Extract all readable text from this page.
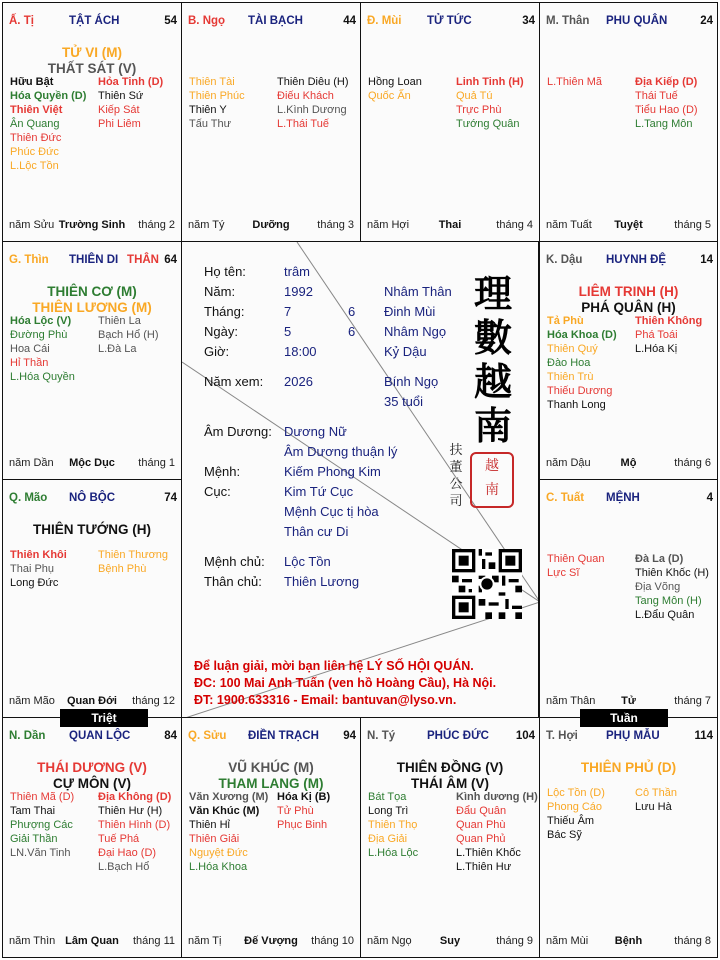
Ấ. Tị	TẬT ÁCH	54
TỬ VI (M)
THẤT SÁT (V)
Hữu Bật
Hóa Quyền (D)
Thiên Việt
Ân Quang
Thiên Đức
Phúc Đức
L.Lộc Tồn
Hỏa Tinh (D)
Thiên Sứ
Kiếp Sát
Phi Liêm
năm Sửu Trường Sinh	tháng 2
B. Ngọ TÀI BẠCH	44
Thiên Tài
Thiên Phúc
Thiên Y
Tấu Thư
Thiên Diêu (H)
Điếu Khách
L.Kình Dương
L.Thái Tuế
năm Tý	Dưỡng	tháng 3
Đ. Mùi TỬ TỨC	34
Hồng Loan
Quốc Ấn
Linh Tinh (H)
Quả Tú
Trực Phù
Tướng Quân
năm Hợi	Thai	tháng 4
M. Thân PHU QUÂN	24
L.Thiên Mã	Địa Kiếp (D)
Thái Tuế
Tiểu Hao (D)
L.Tang Môn
năm Tuất	Tuyệt	tháng 5
G. Thìn THIÊN DI THÂN 64
THIÊN CƠ (M)
THIÊN LƯƠNG (M)
Hóa Lộc (V)
Đường Phù
Hoa Cái
Hỉ Thần
L.Hóa Quyền
Thiên La
Bạch Hổ (H)
L.Đà La
năm Dần	Mộc Dục	tháng 1
K. Dậu HUYNH ĐỆ	14
LIÊM TRINH (H)
PHÁ QUÂN (H)
Tả Phù
Hóa Khoa (D)
Thiên Quý
Đào Hoa
Thiên Trù
Thiếu Dương
Thanh Long
Thiên Không
Phá Toái
L.Hóa Kị
năm Dậu	Mộ	tháng 6
Q. Mão NÔ BỘC	74
THIÊN TƯỚNG (H)
Thiên Khôi
Thai Phụ
Long Đức
Thiên Thương
Bệnh Phù
năm Mão	Quan Đới	tháng 12
C. Tuất MỆNH	4
Thiên Quan
Lực Sĩ
Đà La (D)
Thiên Khốc (H)
Địa Võng
Tang Môn (H)
L.Đẩu Quân
năm Thân	Tử	tháng 7
N. Dần QUAN LỘC	84
THÁI DƯƠNG (V)
CỰ MÔN (V)
Thiên Mã (D)
Tam Thai
Phượng Các
Giải Thần
LN.Văn Tinh
Địa Không (D)
Thiên Hư (H)
Thiên Hình (D)
Tuế Phá
Đại Hao (D)
L.Bạch Hổ
năm Thìn Lâm Quan	tháng 11
Q. Sửu ĐIỀN TRẠCH 94
VŨ KHÚC (M)
THAM LANG (M)
Văn Xương (M)
Văn Khúc (M)
Thiên Hỉ
Thiên Giải
Nguyệt Đức
L.Hóa Khoa
Hóa Kị (B)
Tử Phù
Phục Binh
năm Tị	Đế Vượng	tháng 10
N. Tý	PHÚC ĐỨC 104
THIÊN ĐỒNG (V)
THÁI ÂM (V)
Bát Tọa
Long Trì
Thiên Thọ
Địa Giải
L.Hóa Lộc
Kình dương (H)
Đẩu Quân
Quan Phù
Quan Phủ
L.Thiên Khốc
L.Thiên Hư
năm Ngọ	Suy	tháng 9
T. Hợi PHỤ MẪU	114
THIÊN PHỦ (D)
Lộc Tồn (D)
Phong Cáo
Thiếu Âm
Bác Sỹ
Cô Thần
Lưu Hà
năm Mùi	Bệnh	tháng 8
Họ tên:	trâm
Năm:	1992	Nhâm Thân
Tháng:	7	6 Đinh Mùi
Ngày:	5	6 Nhâm Ngọ
Giờ:	18:00	Kỷ Dậu
Năm xem: 2026	Bính Ngọ
35 tuổi
Âm Dương: Dương Nữ
Âm Dương thuận lý
Mệnh:	Kiếm Phong Kim
Cục:	Kim Tứ Cục
Mệnh Cục tị hòa
Thân cư Di
Mệnh chủ: Lộc Tồn
Thân chủ: Thiên Lương
理
數
越
南
扶
董
公
司
越
南
Để luận giải, mời bạn liên hệ LÝ SỐ HỘI QUÁN.
ĐC: 100 Mai Anh Tuấn (ven hồ Hoàng Cầu), Hà Nội.
ĐT: 1900.633316 - Email: bantuvan@lyso.vn.
Triệt	Tuần
